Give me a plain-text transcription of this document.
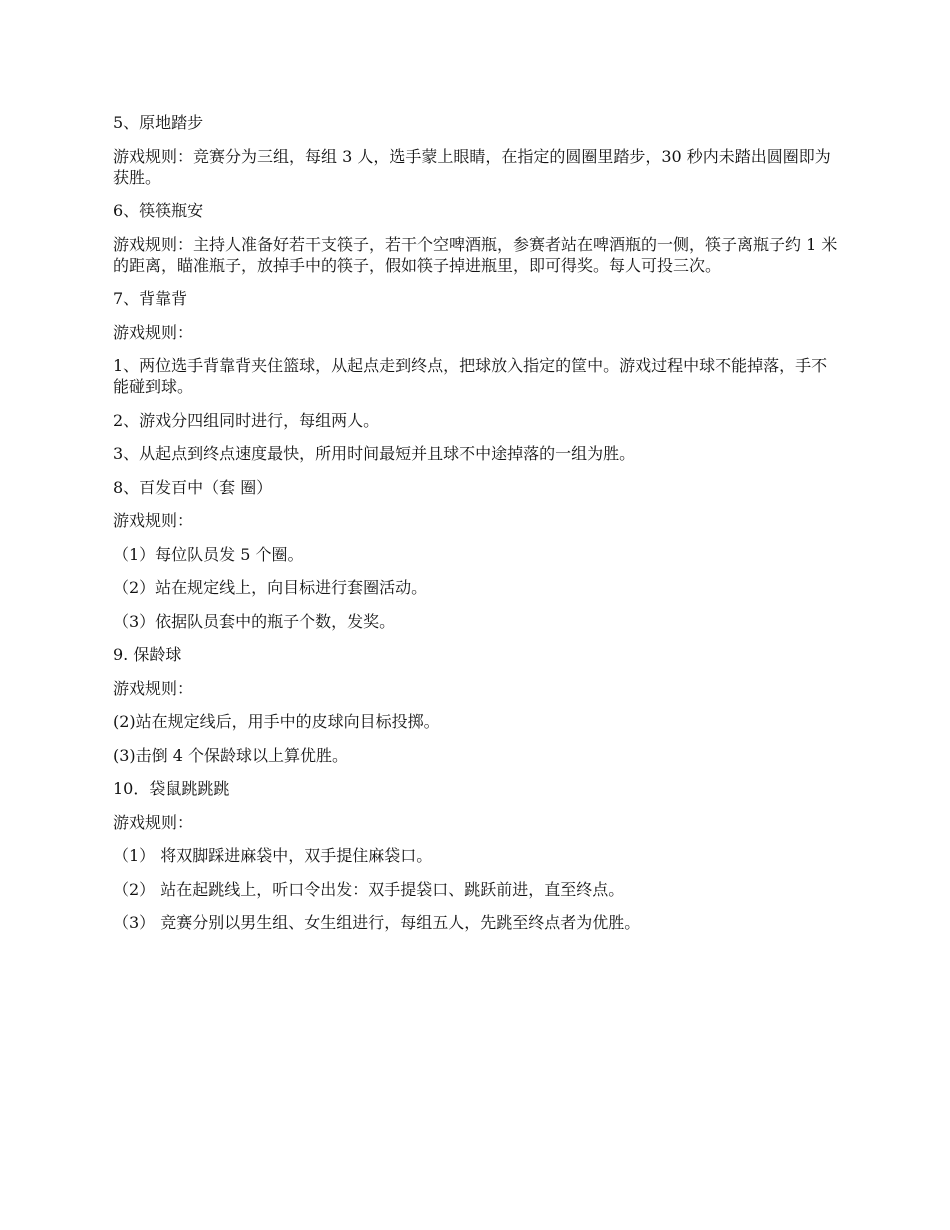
5、原地踏步

游戏规则：竞赛分为三组，每组 3 人，选手蒙上眼睛，在指定的圆圈里踏步，30 秒内未踏出圆圈即为获胜。

6、筷筷瓶安

游戏规则：主持人准备好若干支筷子，若干个空啤酒瓶，参赛者站在啤酒瓶的一侧，筷子离瓶子约 1 米的距离，瞄准瓶子，放掉手中的筷子，假如筷子掉进瓶里，即可得奖。每人可投三次。

7、背靠背

游戏规则：

1、两位选手背靠背夹住篮球，从起点走到终点，把球放入指定的筐中。游戏过程中球不能掉落，手不能碰到球。

2、游戏分四组同时进行，每组两人。

3、从起点到终点速度最快，所用时间最短并且球不中途掉落的一组为胜。

8、百发百中（套 圈）

游戏规则：

（1）每位队员发 5 个圈。

（2）站在规定线上，向目标进行套圈活动。

（3）依据队员套中的瓶子个数，发奖。

9. 保龄球

游戏规则：

(2)站在规定线后，用手中的皮球向目标投掷。

(3)击倒 4 个保龄球以上算优胜。

10．袋鼠跳跳跳

游戏规则：

（1） 将双脚踩进麻袋中，双手提住麻袋口。

（2） 站在起跳线上，听口令出发：双手提袋口、跳跃前进，直至终点。

（3） 竞赛分别以男生组、女生组进行，每组五人，先跳至终点者为优胜。
